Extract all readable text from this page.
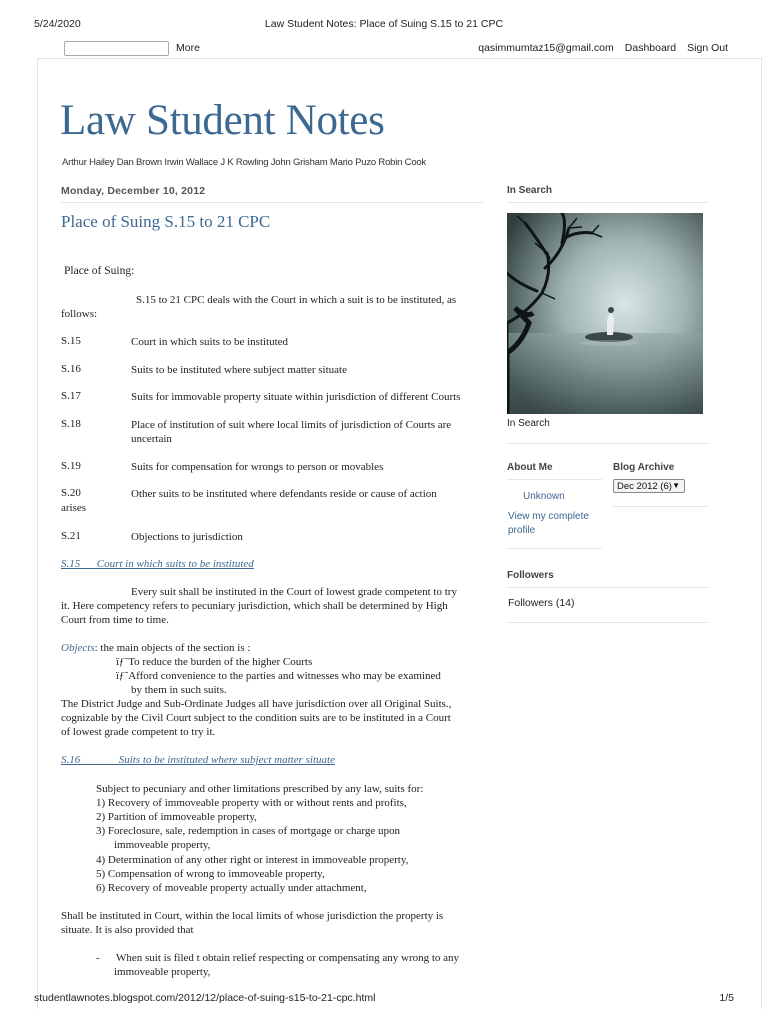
5/24/2020	Law Student Notes: Place of Suing S.15 to 21 CPC
More	qasimmumtaz15@gmail.com Dashboard Sign Out
Law Student Notes
Arthur Hailey Dan Brown Irwin Wallace J K Rowling John Grisham Mario Puzo Robin Cook
Monday, December 10, 2012
Place of Suing S.15 to 21 CPC
Place of Suing:
S.15 to 21 CPC deals with the Court in which a suit is to be instituted, as
follows:
S.15	Court in which suits to be instituted
S.16	Suits to be instituted where subject matter situate
S.17	Suits for immovable property situate within jurisdiction of different Courts
S.18	Place of institution of suit where local limits of jurisdiction of Courts are
uncertain
S.19	Suits for compensation for wrongs to person or movables
S.20	Other suits to be instituted where defendants reside or cause of action
arises
S.21	Objections to jurisdiction
S.15      Court in which suits to be instituted
Every suit shall be instituted in the Court of lowest grade competent to try
it. Here competency refers to pecuniary jurisdiction, which shall be determined by High
Court from time to time.
Objects: the main objects of the section is :
ïƒ˜To reduce the burden of the higher Courts
ïƒ˜Afford convenience to the parties and witnesses who may be examined
by them in such suits.
The District Judge and Sub-Ordinate Judges all have jurisdiction over all Original Suits.,
cognizable by the Civil Court subject to the condition suits are to be instituted in a Court
of lowest grade competent to try it.
S.16              Suits to be instituted where subject matter situate
Subject to pecuniary and other limitations prescribed by any law, suits for:
1) Recovery of immoveable property with or without rents and profits,
2) Partition of immoveable property,
3) Foreclosure, sale, redemption in cases of mortgage or charge upon
immoveable property,
4) Determination of any other right or interest in immoveable property,
5) Compensation of wrong to immoveable property,
6) Recovery of moveable property actually under attachment,
Shall be instituted in Court, within the local limits of whose jurisdiction the property is
situate. It is also provided that
- When suit is filed t obtain relief respecting or compensating any wrong to any
immoveable property,
In Search
In Search
About Me
Unknown
View my complete
profile
Blog Archive
Dec 2012 (6) ▼
Followers
Followers (14)
studentlawnotes.blogspot.com/2012/12/place-of-suing-s15-to-21-cpc.html	1/5
